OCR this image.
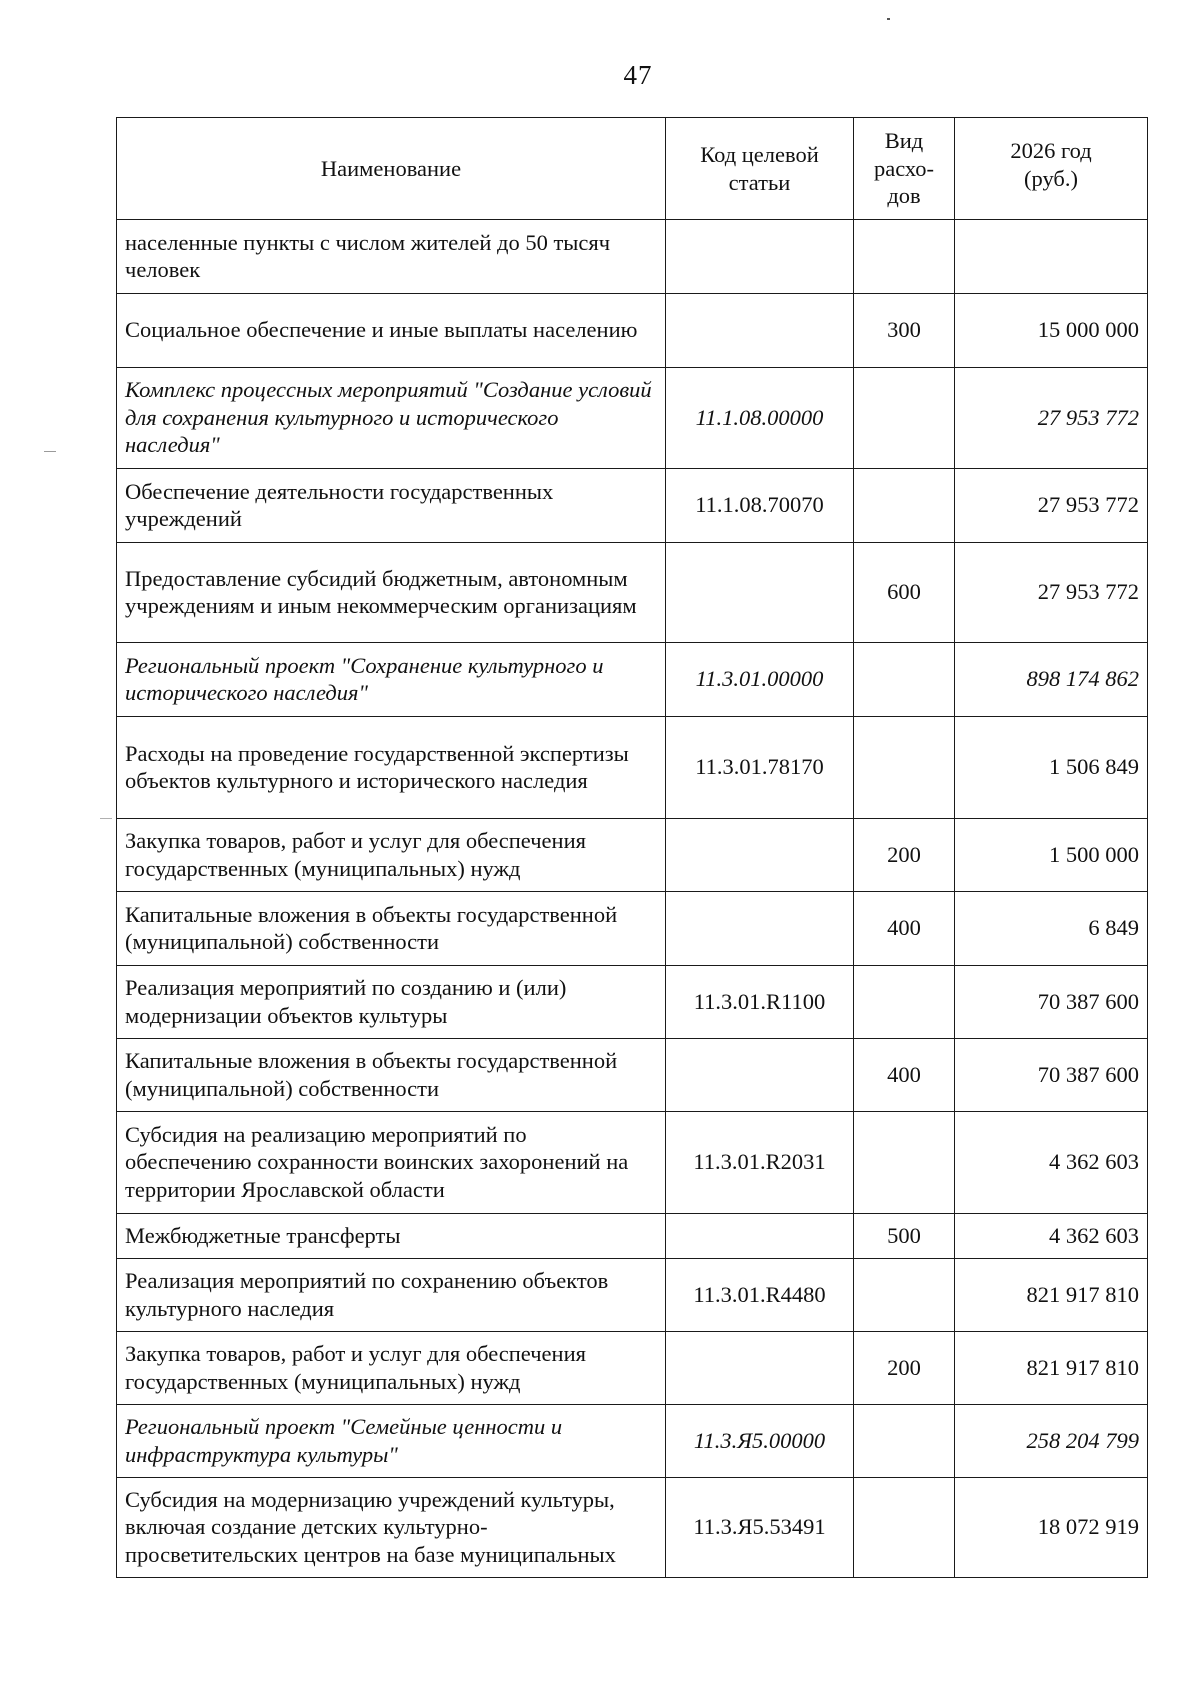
47
Наименование	Код целевой статьи	Вид расхо-дов	2026 год (руб.)
населенные пункты с числом жителей до 50 тысяч человек			
Социальное обеспечение и иные выплаты населению		300	15 000 000
Комплекс процессных мероприятий "Создание условий для сохранения культурного и исторического наследия"	11.1.08.00000		27 953 772
Обеспечение деятельности государственных учреждений	11.1.08.70070		27 953 772
Предоставление субсидий бюджетным, автономным учреждениям и иным некоммерческим организациям		600	27 953 772
Региональный проект "Сохранение культурного и исторического наследия"	11.3.01.00000		898 174 862
Расходы на проведение государственной экспертизы объектов культурного и исторического наследия	11.3.01.78170		1 506 849
Закупка товаров, работ и услуг для обеспечения государственных (муниципальных) нужд		200	1 500 000
Капитальные вложения в объекты государственной (муниципальной) собственности		400	6 849
Реализация мероприятий по созданию и (или) модернизации объектов культуры	11.3.01.R1100		70 387 600
Капитальные вложения в объекты государственной (муниципальной) собственности		400	70 387 600
Субсидия на реализацию мероприятий по обеспечению сохранности воинских захоронений на территории Ярославской области	11.3.01.R2031		4 362 603
Межбюджетные трансферты		500	4 362 603
Реализация мероприятий по сохранению объектов культурного наследия	11.3.01.R4480		821 917 810
Закупка товаров, работ и услуг для обеспечения государственных (муниципальных) нужд		200	821 917 810
Региональный проект "Семейные ценности и инфраструктура культуры"	11.3.Я5.00000		258 204 799
Субсидия на модернизацию учреждений культуры, включая создание детских культурно-просветительских центров на базе муниципальных	11.3.Я5.53491		18 072 919
